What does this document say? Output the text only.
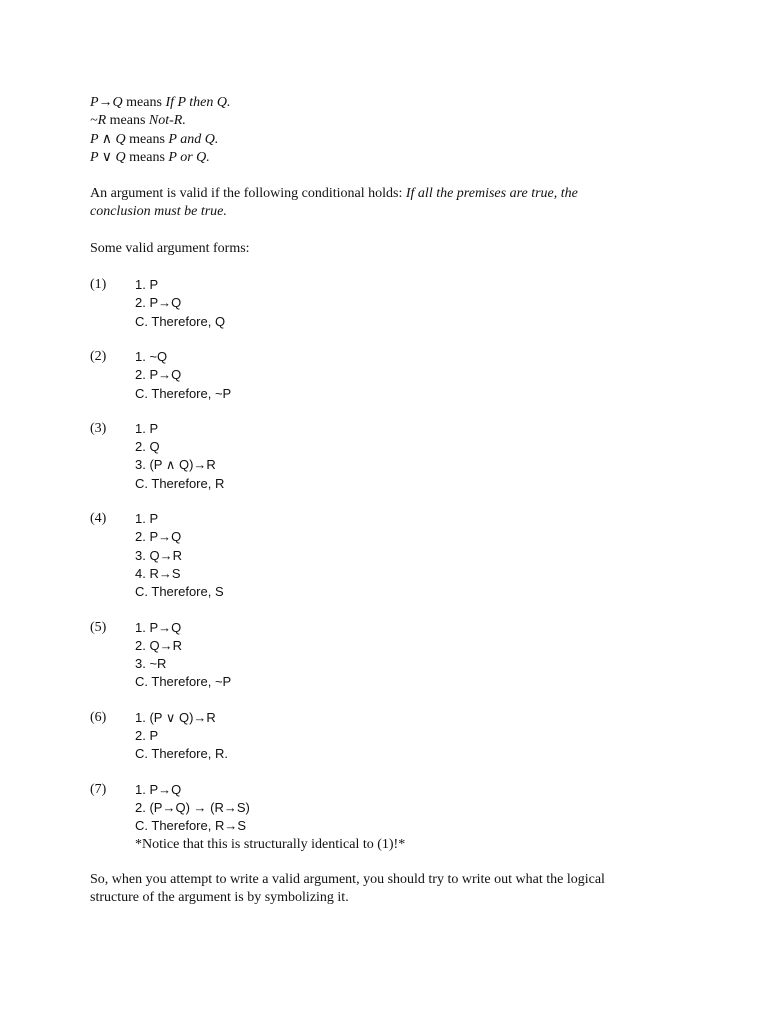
P→Q means If P then Q.
~R means Not-R.
P ∧ Q means P and Q.
P ∨ Q means P or Q.
An argument is valid if the following conditional holds: If all the premises are true, the
conclusion must be true.
Some valid argument forms:
(1)	1. P
2. P→Q
C. Therefore, Q
(2)	1. ~Q
2. P→Q
C. Therefore, ~P
(3)	1. P
2. Q
3. (P ∧ Q)→R
C. Therefore, R
(4)	1. P
2. P→Q
3. Q→R
4. R→S
C. Therefore, S
(5)	1. P→Q
2. Q→R
3. ~R
C. Therefore, ~P
(6)	1. (P ∨ Q)→R
2. P
C. Therefore, R.
(7)	1. P→Q
2. (P→Q) → (R→S)
C. Therefore, R→S
*Notice that this is structurally identical to (1)!*
So, when you attempt to write a valid argument, you should try to write out what the logical
structure of the argument is by symbolizing it.
